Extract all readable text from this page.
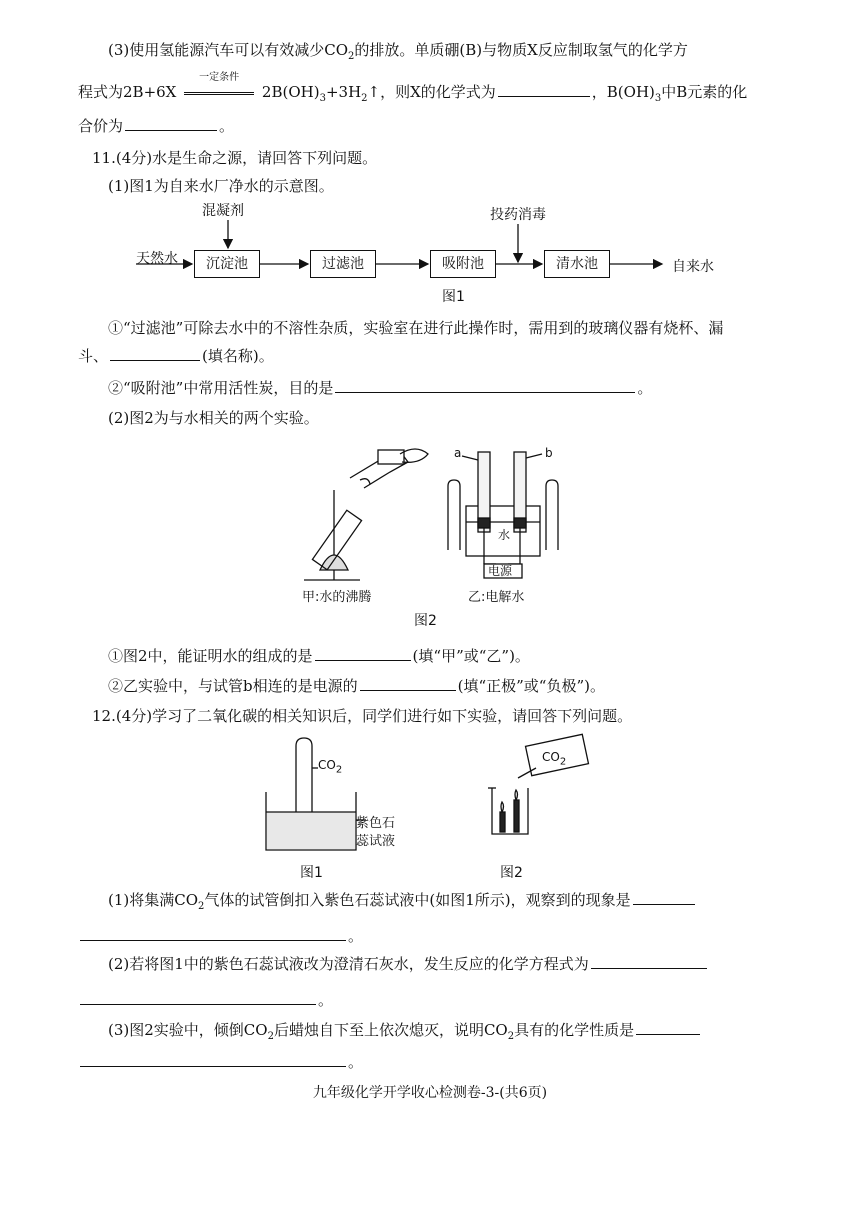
(3)使用氢能源汽车可以有效减少$CO_2$的排放。单质硼(B)与物质X反应制取氢气的化学方
程式为2B+6X
一定条件
$2B(OH)_3+3H_2↑$，则X的化学式为	，$B(OH)_3$中B元素的化
合价为	。
11.(4分)水是生命之源，请回答下列问题。
(1)图1为自来水厂净水的示意图。
混凝剂	投药消毒
天然水	沉淀池	过滤池	吸附池	清水池	自来水
图1
①“过滤池”可除去水中的不溶性杂质，实验室在进行此操作时，需用到的玻璃仪器有烧杯、漏
斗、	(填名称)。
②“吸附池”中常用活性炭，目的是	。
(2)图2为与水相关的两个实验。
a	b
水
电源
甲:水的沸腾	乙:电解水
图2
①图2中，能证明水的组成的是	(填“甲”或“乙”)。
②乙实验中，与试管b相连的是电源的	(填“正极”或“负极”)。
12.(4分)学习了二氧化碳的相关知识后，同学们进行如下实验，请回答下列问题。
$CO_2$
紫色石
蕊试液
$CO_2$
图1	图2
(1)将集满$CO_2$气体的试管倒扣入紫色石蕊试液中(如图1所示)，观察到的现象是
。
(2)若将图1中的紫色石蕊试液改为澄清石灰水，发生反应的化学方程式为
。
(3)图2实验中，倾倒$CO_2$后蜡烛自下至上依次熄灭，说明$CO_2$具有的化学性质是
。
九年级化学开学收心检测卷-3-(共6页)
